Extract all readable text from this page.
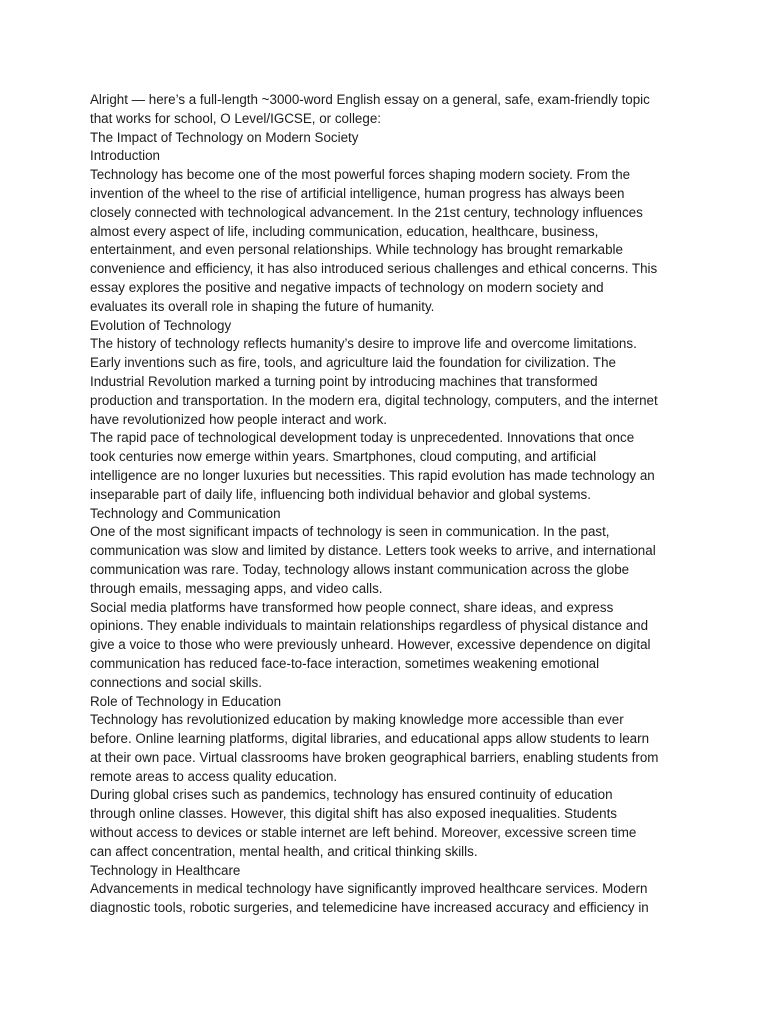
Alright — here’s a full-length ~3000-word English essay on a general, safe, exam-friendly topic

that works for school, O Level/IGCSE, or college:

The Impact of Technology on Modern Society

Introduction

Technology has become one of the most powerful forces shaping modern society. From the

invention of the wheel to the rise of artificial intelligence, human progress has always been

closely connected with technological advancement. In the 21st century, technology influences

almost every aspect of life, including communication, education, healthcare, business,

entertainment, and even personal relationships. While technology has brought remarkable

convenience and efficiency, it has also introduced serious challenges and ethical concerns. This

essay explores the positive and negative impacts of technology on modern society and

evaluates its overall role in shaping the future of humanity.

Evolution of Technology

The history of technology reflects humanity’s desire to improve life and overcome limitations.

Early inventions such as fire, tools, and agriculture laid the foundation for civilization. The

Industrial Revolution marked a turning point by introducing machines that transformed

production and transportation. In the modern era, digital technology, computers, and the internet

have revolutionized how people interact and work.

The rapid pace of technological development today is unprecedented. Innovations that once

took centuries now emerge within years. Smartphones, cloud computing, and artificial

intelligence are no longer luxuries but necessities. This rapid evolution has made technology an

inseparable part of daily life, influencing both individual behavior and global systems.

Technology and Communication

One of the most significant impacts of technology is seen in communication. In the past,

communication was slow and limited by distance. Letters took weeks to arrive, and international

communication was rare. Today, technology allows instant communication across the globe

through emails, messaging apps, and video calls.

Social media platforms have transformed how people connect, share ideas, and express

opinions. They enable individuals to maintain relationships regardless of physical distance and

give a voice to those who were previously unheard. However, excessive dependence on digital

communication has reduced face-to-face interaction, sometimes weakening emotional

connections and social skills.

Role of Technology in Education

Technology has revolutionized education by making knowledge more accessible than ever

before. Online learning platforms, digital libraries, and educational apps allow students to learn

at their own pace. Virtual classrooms have broken geographical barriers, enabling students from

remote areas to access quality education.

During global crises such as pandemics, technology has ensured continuity of education

through online classes. However, this digital shift has also exposed inequalities. Students

without access to devices or stable internet are left behind. Moreover, excessive screen time

can affect concentration, mental health, and critical thinking skills.

Technology in Healthcare

Advancements in medical technology have significantly improved healthcare services. Modern

diagnostic tools, robotic surgeries, and telemedicine have increased accuracy and efficiency in
